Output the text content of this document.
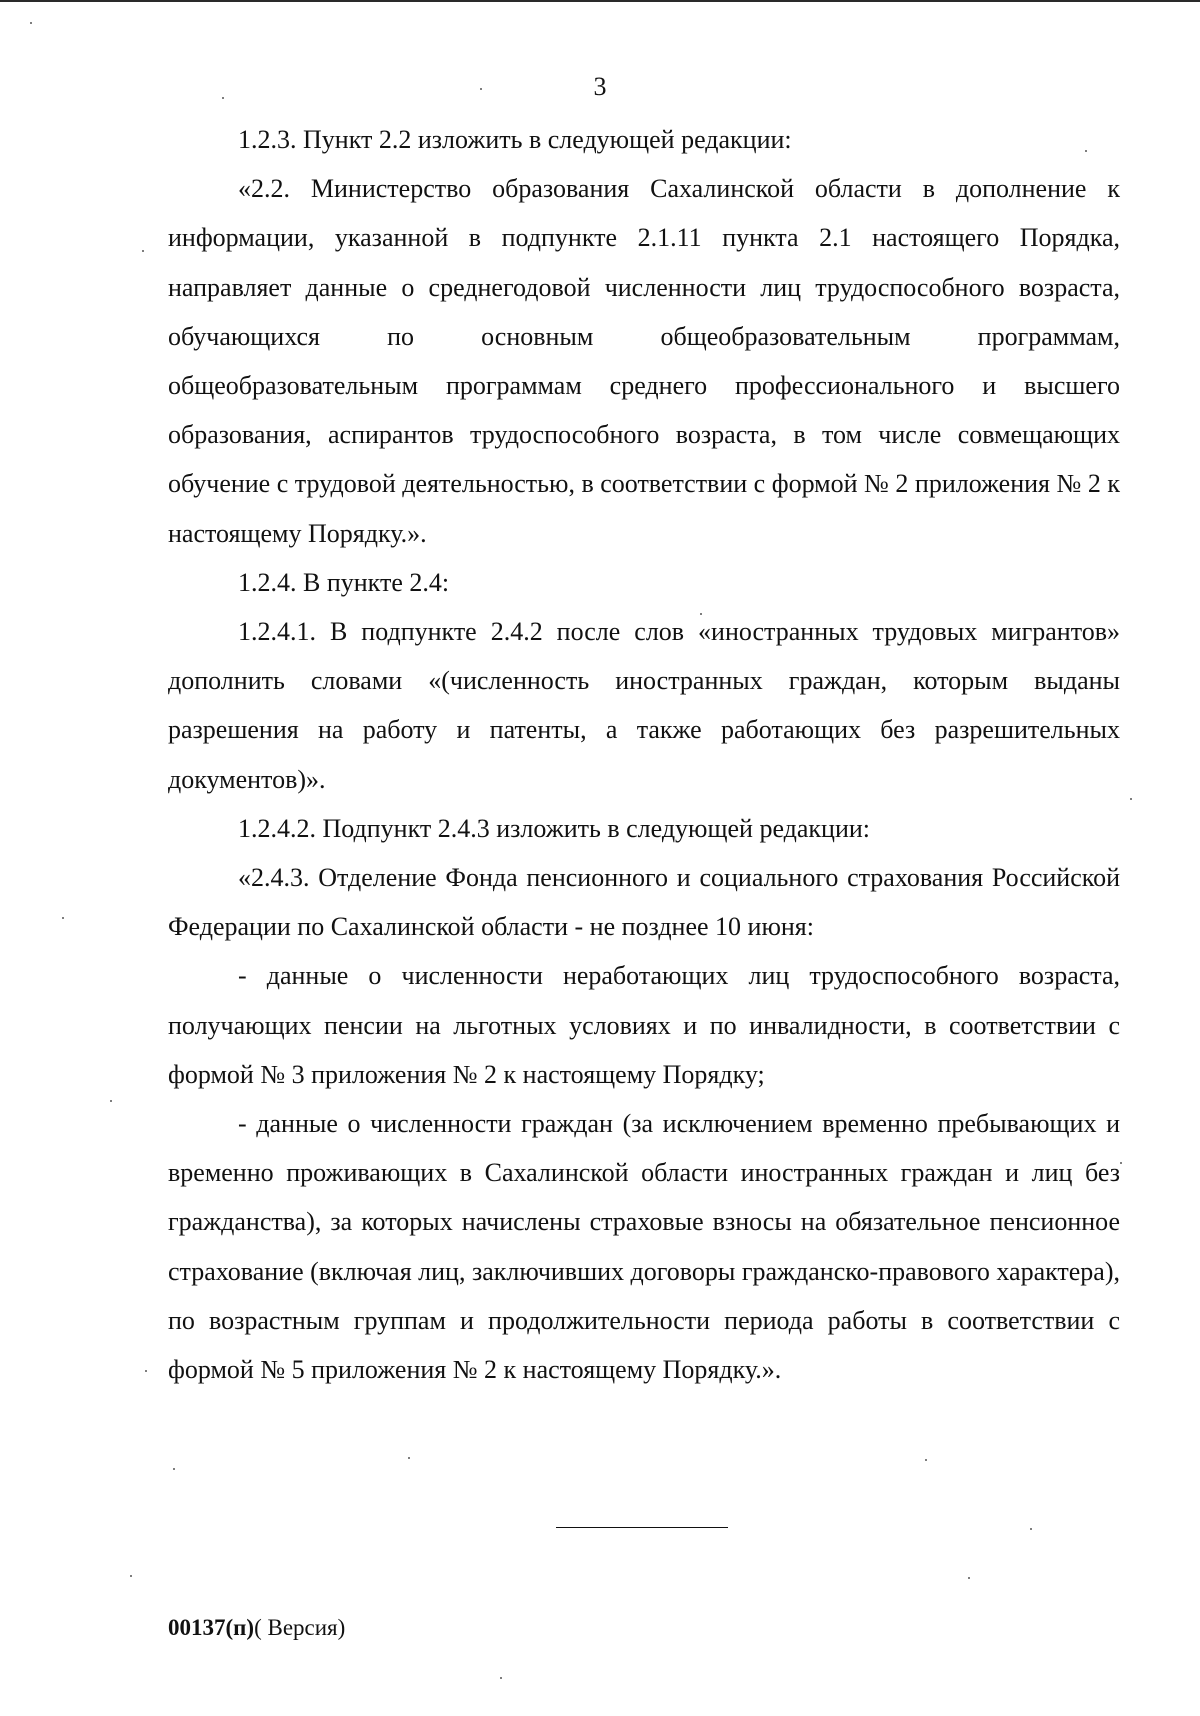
3

1.2.3. Пункт 2.2 изложить в следующей редакции:

«2.2. Министерство образования Сахалинской области в дополнение к информации, указанной в подпункте 2.1.11 пункта 2.1 настоящего Порядка, направляет данные о среднегодовой численности лиц трудоспособного возраста, обучающихся по основным общеобразовательным программам, общеобразовательным программам среднего профессионального и высшего образования, аспирантов трудоспособного возраста, в том числе совмещающих обучение с трудовой деятельностью, в соответствии с формой № 2 приложения № 2 к настоящему Порядку.».

1.2.4. В пункте 2.4:

1.2.4.1. В подпункте 2.4.2 после слов «иностранных трудовых мигрантов» дополнить словами «(численность иностранных граждан, которым выданы разрешения на работу и патенты, а также работающих без разрешительных документов)».

1.2.4.2. Подпункт 2.4.3 изложить в следующей редакции:

«2.4.3. Отделение Фонда пенсионного и социального страхования Российской Федерации по Сахалинской области - не позднее 10 июня:

- данные о численности неработающих лиц трудоспособного возраста, получающих пенсии на льготных условиях и по инвалидности, в соответствии с формой № 3 приложения № 2 к настоящему Порядку;

- данные о численности граждан (за исключением временно пребывающих и временно проживающих в Сахалинской области иностранных граждан и лиц без гражданства), за которых начислены страховые взносы на обязательное пенсионное страхование (включая лиц, заключивших договоры гражданско-правового характера), по возрастным группам и продолжительности периода работы в соответствии с формой № 5 приложения № 2 к настоящему Порядку.».

00137(п)( Версия)
